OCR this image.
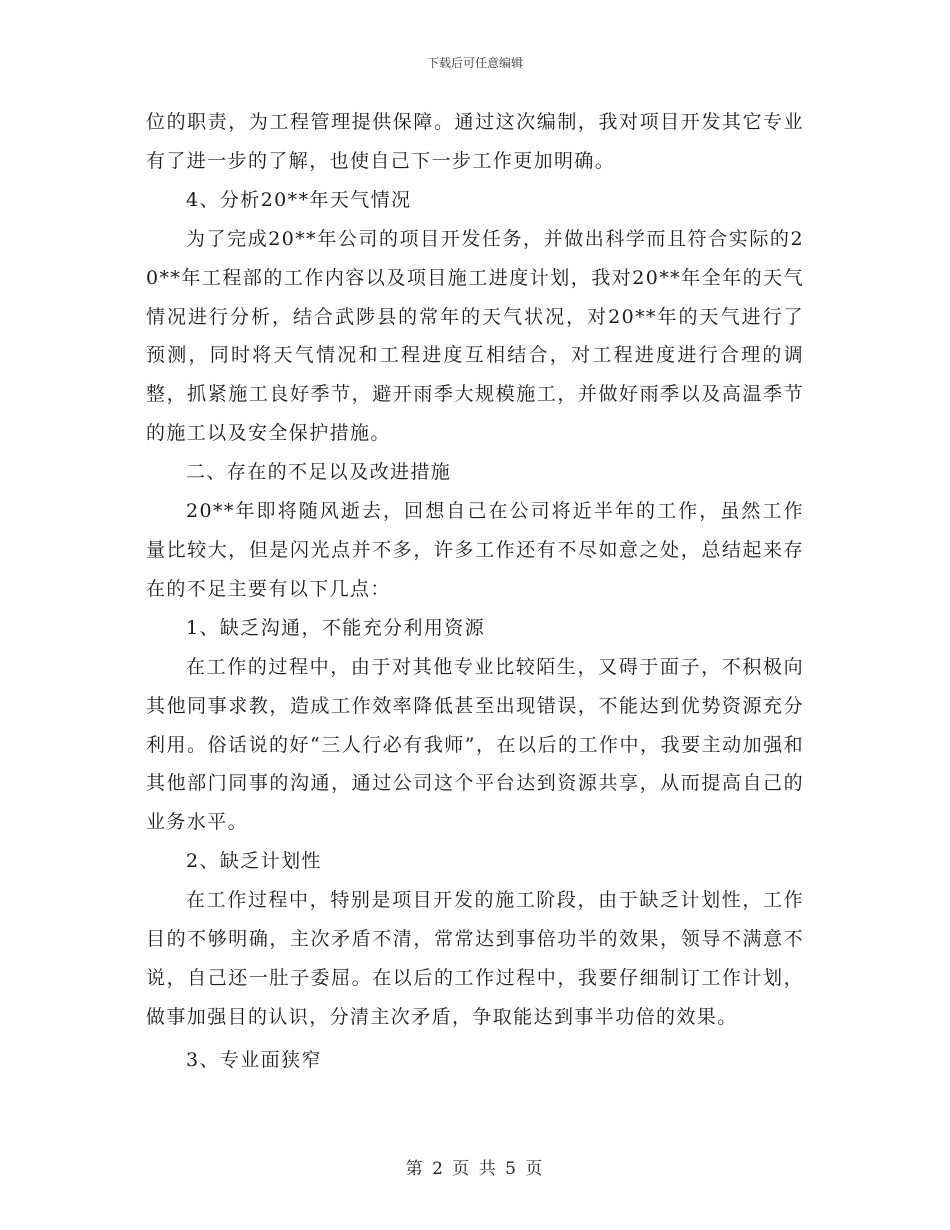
下载后可任意编辑

位的职责，为工程管理提供保障。通过这次编制，我对项目开发其它专业有了进一步的了解，也使自己下一步工作更加明确。

4、分析20**年天气情况

为了完成20**年公司的项目开发任务，并做出科学而且符合实际的20**年工程部的工作内容以及项目施工进度计划，我对20**年全年的天气情况进行分析，结合武陟县的常年的天气状况，对20**年的天气进行了预测，同时将天气情况和工程进度互相结合，对工程进度进行合理的调整，抓紧施工良好季节，避开雨季大规模施工，并做好雨季以及高温季节的施工以及安全保护措施。

二、存在的不足以及改进措施

20**年即将随风逝去，回想自己在公司将近半年的工作，虽然工作量比较大，但是闪光点并不多，许多工作还有不尽如意之处，总结起来存在的不足主要有以下几点：

1、缺乏沟通，不能充分利用资源

在工作的过程中，由于对其他专业比较陌生，又碍于面子，不积极向其他同事求教，造成工作效率降低甚至出现错误，不能达到优势资源充分利用。俗话说的好“三人行必有我师”，在以后的工作中，我要主动加强和其他部门同事的沟通，通过公司这个平台达到资源共享，从而提高自己的业务水平。

2、缺乏计划性

在工作过程中，特别是项目开发的施工阶段，由于缺乏计划性，工作目的不够明确，主次矛盾不清，常常达到事倍功半的效果，领导不满意不说，自己还一肚子委屈。在以后的工作过程中，我要仔细制订工作计划，做事加强目的认识，分清主次矛盾，争取能达到事半功倍的效果。

3、专业面狭窄

第 2 页 共 5 页
